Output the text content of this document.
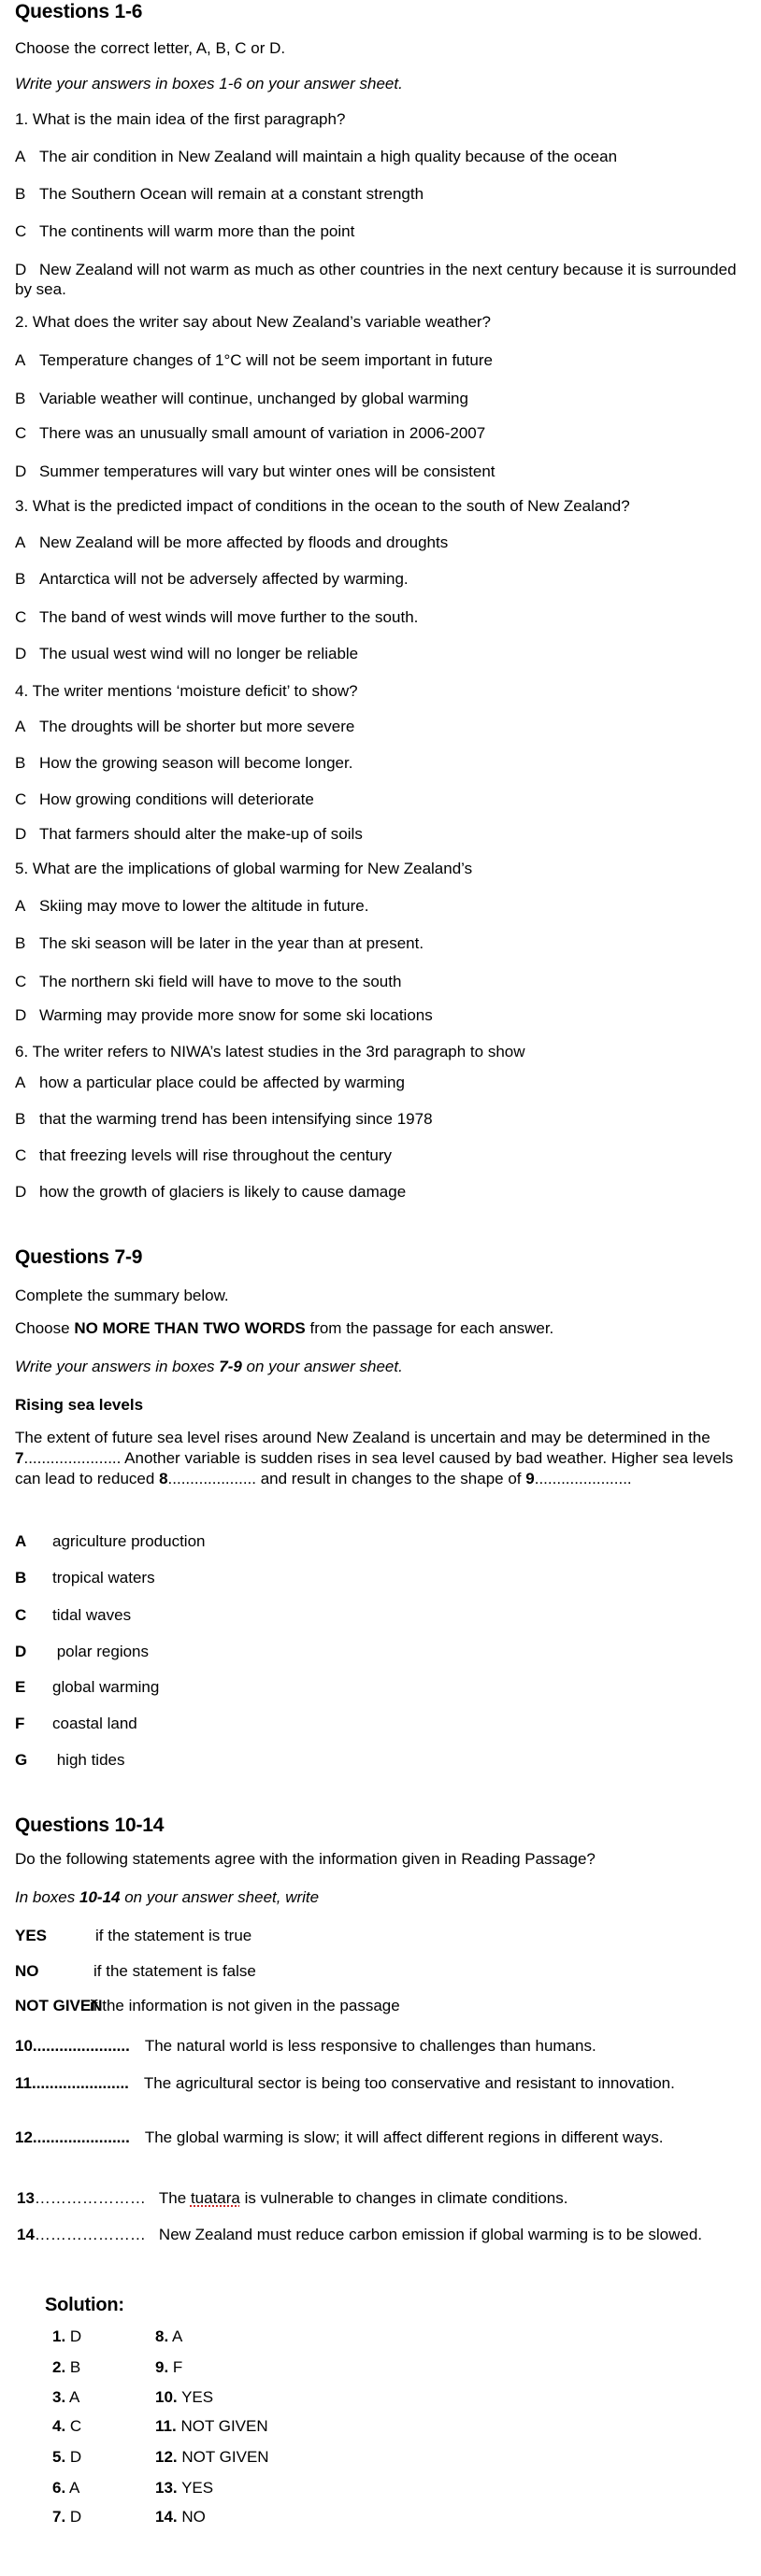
Questions 1-6
Choose the correct letter, A, B, C or D.
Write your answers in boxes 1-6 on your answer sheet.
1. What is the main idea of the first paragraph?
A The air condition in New Zealand will maintain a high quality because of the ocean
B The Southern Ocean will remain at a constant strength
C The continents will warm more than the point
D New Zealand will not warm as much as other countries in the next century because it is surrounded by sea.
2. What does the writer say about New Zealand’s variable weather?
A Temperature changes of 1°C will not be seem important in future
B Variable weather will continue, unchanged by global warming
C There was an unusually small amount of variation in 2006-2007
D Summer temperatures will vary but winter ones will be consistent
3. What is the predicted impact of conditions in the ocean to the south of New Zealand?
A New Zealand will be more affected by floods and droughts
B Antarctica will not be adversely affected by warming.
C The band of west winds will move further to the south.
D The usual west wind will no longer be reliable
4. The writer mentions ‘moisture deficit’ to show?
A The droughts will be shorter but more severe
B How the growing season will become longer.
C How growing conditions will deteriorate
D That farmers should alter the make-up of soils
5. What are the implications of global warming for New Zealand’s
A Skiing may move to lower the altitude in future.
B The ski season will be later in the year than at present.
C The northern ski field will have to move to the south
D Warming may provide more snow for some ski locations
6. The writer refers to NIWA’s latest studies in the 3rd paragraph to show
A how a particular place could be affected by warming
B that the warming trend has been intensifying since 1978
C that freezing levels will rise throughout the century
D how the growth of glaciers is likely to cause damage
Questions 7-9
Complete the summary below.
Choose NO MORE THAN TWO WORDS from the passage for each answer.
Write your answers in boxes 7-9 on your answer sheet.
Rising sea levels
The extent of future sea level rises around New Zealand is uncertain and may be determined in the 7...................... Another variable is sudden rises in sea level caused by bad weather. Higher sea levels can lead to reduced 8.................... and result in changes to the shape of 9......................
A agriculture production
B tropical waters
C tidal waves
D polar regions
E global warming
F coastal land
G high tides
Questions 10-14
Do the following statements agree with the information given in Reading Passage?
In boxes 10-14 on your answer sheet, write
YES	if the statement is true
NO	if the statement is false
NOT GIVENif the information is not given in the passage
10...................... The natural world is less responsive to challenges than humans.
11...................... The agricultural sector is being too conservative and resistant to innovation.
12...................... The global warming is slow; it will affect different regions in different ways.
13………………… The tuatara is vulnerable to changes in climate conditions.
14………………… New Zealand must reduce carbon emission if global warming is to be slowed.
Solution:
1. D
2. B
3. A
4. C
5. D
6. A
7. D
8. A
9. F
10. YES
11. NOT GIVEN
12. NOT GIVEN
13. YES
14. NO
